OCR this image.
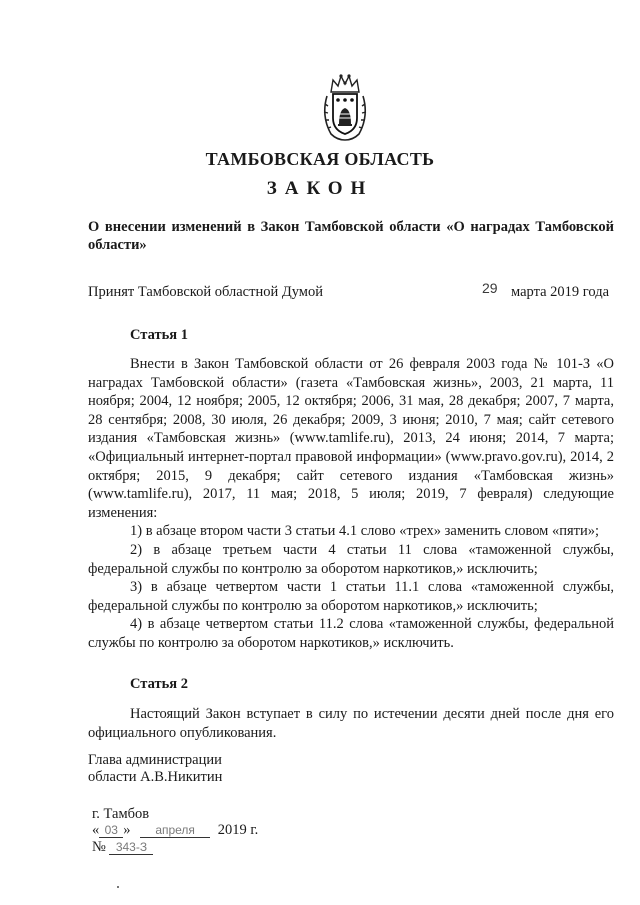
ТАМБОВСКАЯ ОБЛАСТЬ
ЗАКОН
О внесении изменений в Закон Тамбовской области «О наградах Тамбовской области»
Принят Тамбовской областной Думой	29 марта 2019 года
Статья 1

Внести в Закон Тамбовской области от 26 февраля 2003 года № 101-З «О наградах Тамбовской области» (газета «Тамбовская жизнь», 2003, 21 марта, 11 ноября; 2004, 12 ноября; 2005, 12 октября; 2006, 31 мая, 28 декабря; 2007, 7 марта, 28 сентября; 2008, 30 июля, 26 декабря; 2009, 3 июня; 2010, 7 мая; сайт сетевого издания «Тамбовская жизнь» (www.tamlife.ru), 2013, 24 июня; 2014, 7 марта; «Официальный интернет-портал правовой информации» (www.pravo.gov.ru), 2014, 2 октября; 2015, 9 декабря; сайт сетевого издания «Тамбовская жизнь» (www.tamlife.ru), 2017, 11 мая; 2018, 5 июля; 2019, 7 февраля) следующие изменения:

1) в абзаце втором части 3 статьи 4.1 слово «трех» заменить словом «пяти»;

2) в абзаце третьем части 4 статьи 11 слова «таможенной службы, федеральной службы по контролю за оборотом наркотиков,» исключить;

3) в абзаце четвертом части 1 статьи 11.1 слова «таможенной службы, федеральной службы по контролю за оборотом наркотиков,» исключить;

4) в абзаце четвертом статьи 11.2 слова «таможенной службы, федеральной службы по контролю за оборотом наркотиков,» исключить.

Статья 2

Настоящий Закон вступает в силу по истечении десяти дней после дня его официального опубликования.

Глава администрации
области А.В.Никитин
г. Тамбов
« 03 » апреля 2019 г.
№ 343-З
